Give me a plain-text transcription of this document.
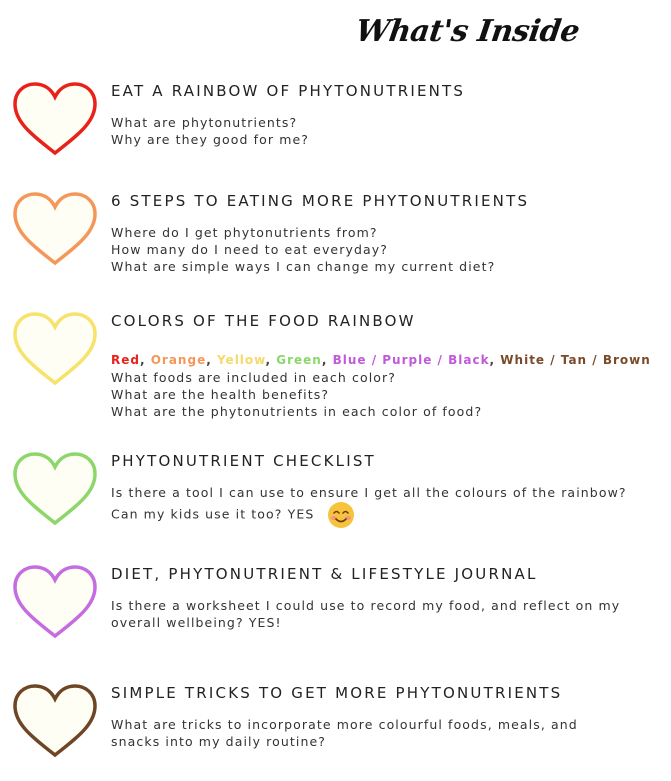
What's Inside
EAT A RAINBOW OF PHYTONUTRIENTS
What are phytonutrients?
Why are they good for me?
6 STEPS TO EATING MORE PHYTONUTRIENTS
Where do I get phytonutrients from?
How many do I need to eat everyday?
What are simple ways I can change my current diet?
COLORS OF THE FOOD RAINBOW
Red, Orange, Yellow, Green, Blue / Purple / Black, White / Tan / Brown
What foods are included in each color?
What are the health benefits?
What are the phytonutrients in each color of food?
PHYTONUTRIENT CHECKLIST
Is there a tool I can use to ensure I get all the colours of the rainbow?
Can my kids use it too? YES
DIET, PHYTONUTRIENT & LIFESTYLE JOURNAL
Is there a worksheet I could use to record my food, and reflect on my
overall wellbeing? YES!
SIMPLE TRICKS TO GET MORE PHYTONUTRIENTS
What are tricks to incorporate more colourful foods, meals, and
snacks into my daily routine?
